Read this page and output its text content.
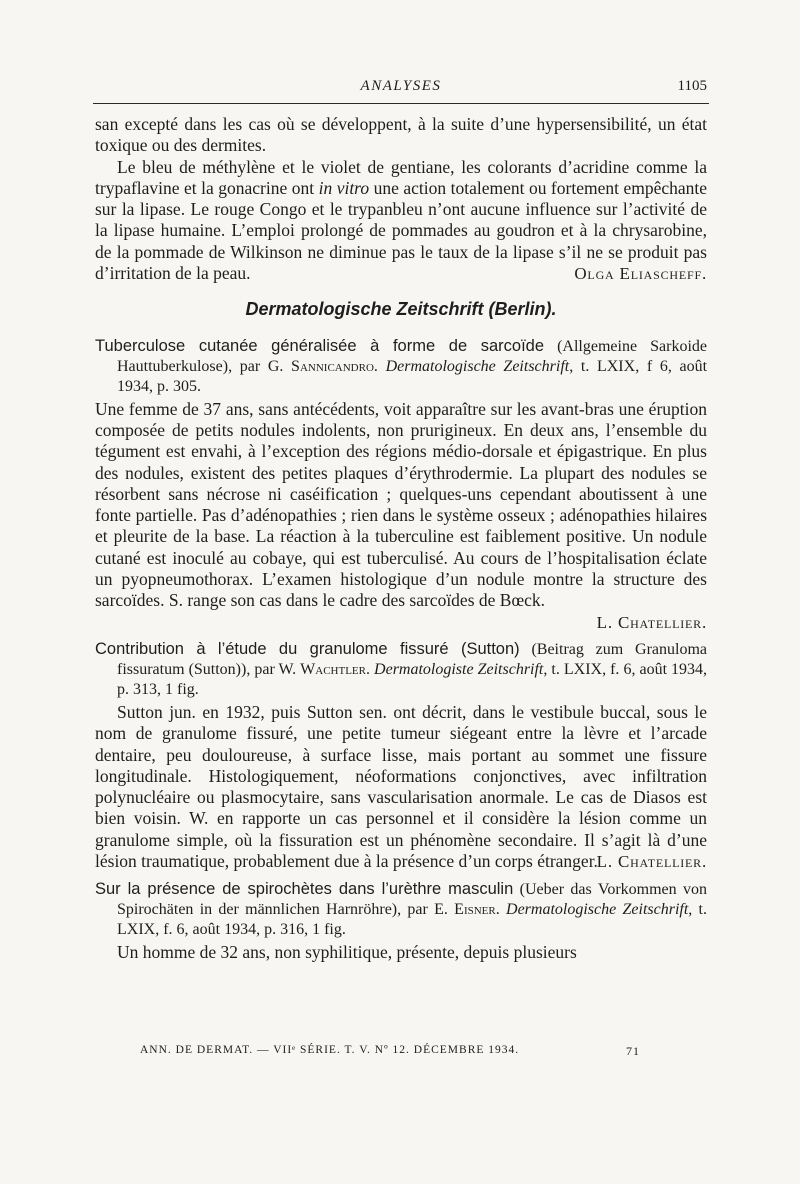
ANALYSES	1105

san excepté dans les cas où se développent, à la suite d’une hypersensibilité, un état toxique ou des dermites.

Le bleu de méthylène et le violet de gentiane, les colorants d’acridine comme la trypaflavine et la gonacrine ont in vitro une action totalement ou fortement empêchante sur la lipase. Le rouge Congo et le trypanbleu n’ont aucune influence sur l’activité de la lipase humaine. L’emploi prolongé de pommades au goudron et à la chrysarobine, de la pommade de Wilkinson ne diminue pas le taux de la lipase s’il ne se produit pas d’irritation de la peau.	Olga Eliascheff.

Dermatologische Zeitschrift (Berlin).

Tuberculose cutanée généralisée à forme de sarcoïde (Allgemeine Sarkoide Hauttuberkulose), par G. Sannicandro. Dermatologische Zeitschrift, t. LXIX, f 6, août 1934, p. 305.

Une femme de 37 ans, sans antécédents, voit apparaître sur les avant-bras une éruption composée de petits nodules indolents, non prurigineux. En deux ans, l’ensemble du tégument est envahi, à l’exception des régions médio-dorsale et épigastrique. En plus des nodules, existent des petites plaques d’érythrodermie. La plupart des nodules se résorbent sans nécrose ni caséification ; quelques-uns cependant aboutissent à une fonte partielle. Pas d’adénopathies ; rien dans le système osseux ; adénopathies hilaires et pleurite de la base. La réaction à la tuberculine est faiblement positive. Un nodule cutané est inoculé au cobaye, qui est tuberculisé. Au cours de l’hospitalisation éclate un pyopneumothorax. L’examen histologique d’un nodule montre la structure des sarcoïdes. S. range son cas dans le cadre des sarcoïdes de Bœck.

L. Chatellier.

Contribution à l’étude du granulome fissuré (Sutton) (Beitrag zum Granuloma fissuratum (Sutton)), par W. Wachtler. Dermatologiste Zeitschrift, t. LXIX, f. 6, août 1934, p. 313, 1 fig.

Sutton jun. en 1932, puis Sutton sen. ont décrit, dans le vestibule buccal, sous le nom de granulome fissuré, une petite tumeur siégeant entre la lèvre et l’arcade dentaire, peu douloureuse, à surface lisse, mais portant au sommet une fissure longitudinale. Histologiquement, néoformations conjonctives, avec infiltration polynucléaire ou plasmocytaire, sans vascularisation anormale. Le cas de Diasos est bien voisin. W. en rapporte un cas personnel et il considère la lésion comme un granulome simple, où la fissuration est un phénomène secondaire. Il s’agit là d’une lésion traumatique, probablement due à la présence d’un corps étranger.

L. Chatellier.

Sur la présence de spirochètes dans l’urèthre masculin (Ueber das Vorkommen von Spirochäten in der männlichen Harnröhre), par E. Eisner. Dermatologische Zeitschrift, t. LXIX, f. 6, août 1934, p. 316, 1 fig.

Un homme de 32 ans, non syphilitique, présente, depuis plusieurs

ANN. DE DERMAT. — VIIᵉ SÉRIE. T. V. Nº 12. DÉCEMBRE 1934.	71
